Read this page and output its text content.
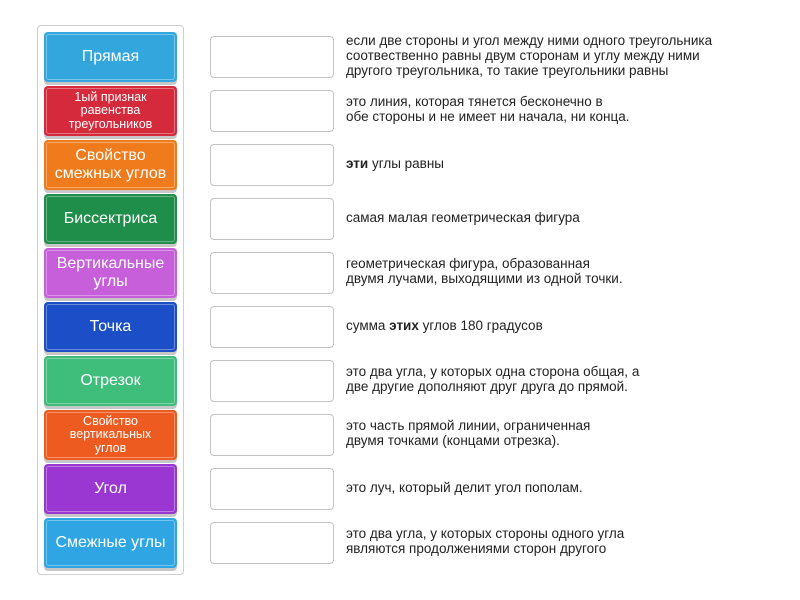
Прямая
1ый признак
равенства
треугольников
Свойство
смежных углов
Биссектриса
Вертикальные
углы
Точка
Отрезок
Свойство
вертикальных
углов
Угол
Смежные углы
если две стороны и угол между ними одного треугольника
соотвественно равны двум сторонам и углу между ними
другого треугольника, то такие треугольники равны
это линия, которая тянется бесконечно в
обе стороны и не имеет ни начала, ни конца.
эти углы равны
самая малая геометрическая фигура
геометрическая фигура, образованная
двумя лучами, выходящими из одной точки.
сумма этих углов 180 градусов
это два угла, у которых одна сторона общая, а
две другие дополняют друг друга до прямой.
это часть прямой линии, ограниченная
двумя точками (концами отрезка).
это луч, который делит угол пополам.
это два угла, у которых стороны одного угла
являются продолжениями сторон другого
